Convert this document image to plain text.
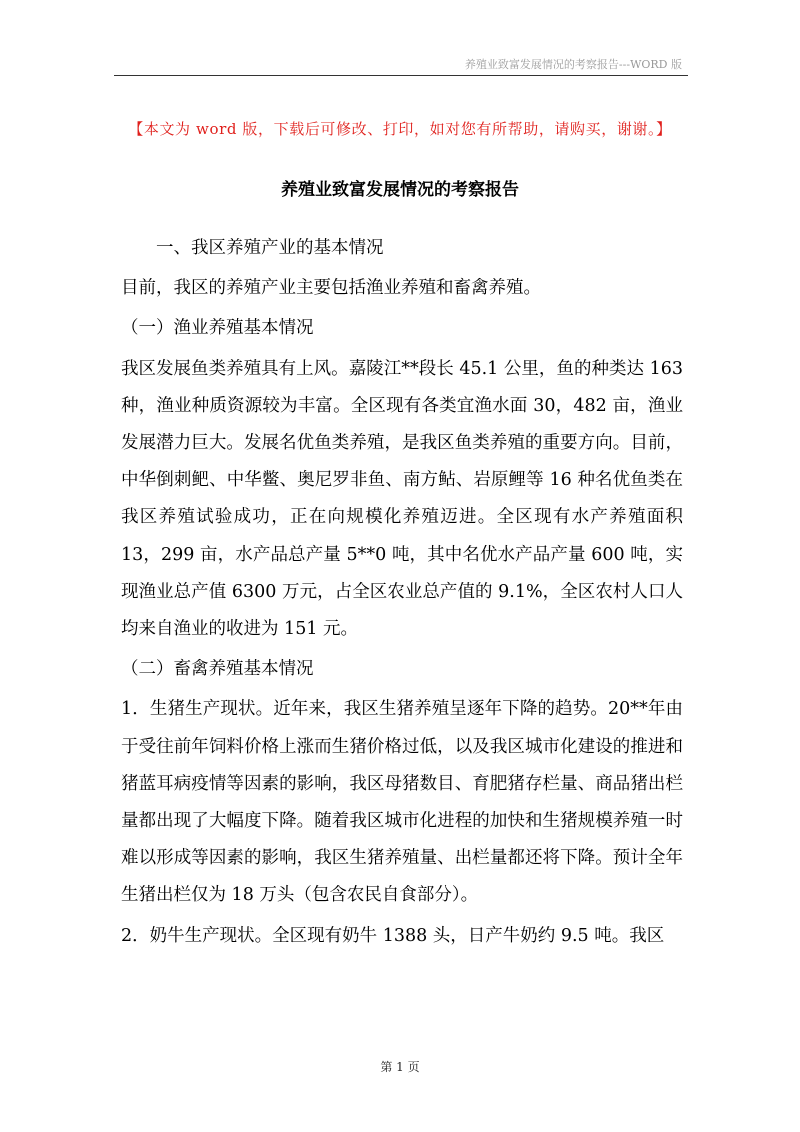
养殖业致富发展情况的考察报告---WORD 版
【本文为 word 版，下载后可修改、打印，如对您有所帮助，请购买，谢谢。】
养殖业致富发展情况的考察报告

一、我区养殖产业的基本情况

目前，我区的养殖产业主要包括渔业养殖和畜禽养殖。

（一）渔业养殖基本情况

我区发展鱼类养殖具有上风。嘉陵江**段长 45.1 公里，鱼的种类达 163 种，渔业种质资源较为丰富。全区现有各类宜渔水面 30，482 亩，渔业发展潜力巨大。发展名优鱼类养殖，是我区鱼类养殖的重要方向。目前，中华倒刺鲃、中华鳖、奥尼罗非鱼、南方鲇、岩原鲤等 16 种名优鱼类在我区养殖试验成功，正在向规模化养殖迈进。全区现有水产养殖面积 13，299 亩，水产品总产量 5**0 吨，其中名优水产品产量 600 吨，实现渔业总产值 6300 万元，占全区农业总产值的 9.1%，全区农村人口人均来自渔业的收进为 151 元。

（二）畜禽养殖基本情况

1．生猪生产现状。近年来，我区生猪养殖呈逐年下降的趋势。20**年由于受往前年饲料价格上涨而生猪价格过低，以及我区城市化建设的推进和猪蓝耳病疫情等因素的影响，我区母猪数目、育肥猪存栏量、商品猪出栏量都出现了大幅度下降。随着我区城市化进程的加快和生猪规模养殖一时难以形成等因素的影响，我区生猪养殖量、出栏量都还将下降。预计全年生猪出栏仅为 18 万头（包含农民自食部分）。

2．奶牛生产现状。全区现有奶牛 1388 头，日产牛奶约 9.5 吨。我区

第 1 页
